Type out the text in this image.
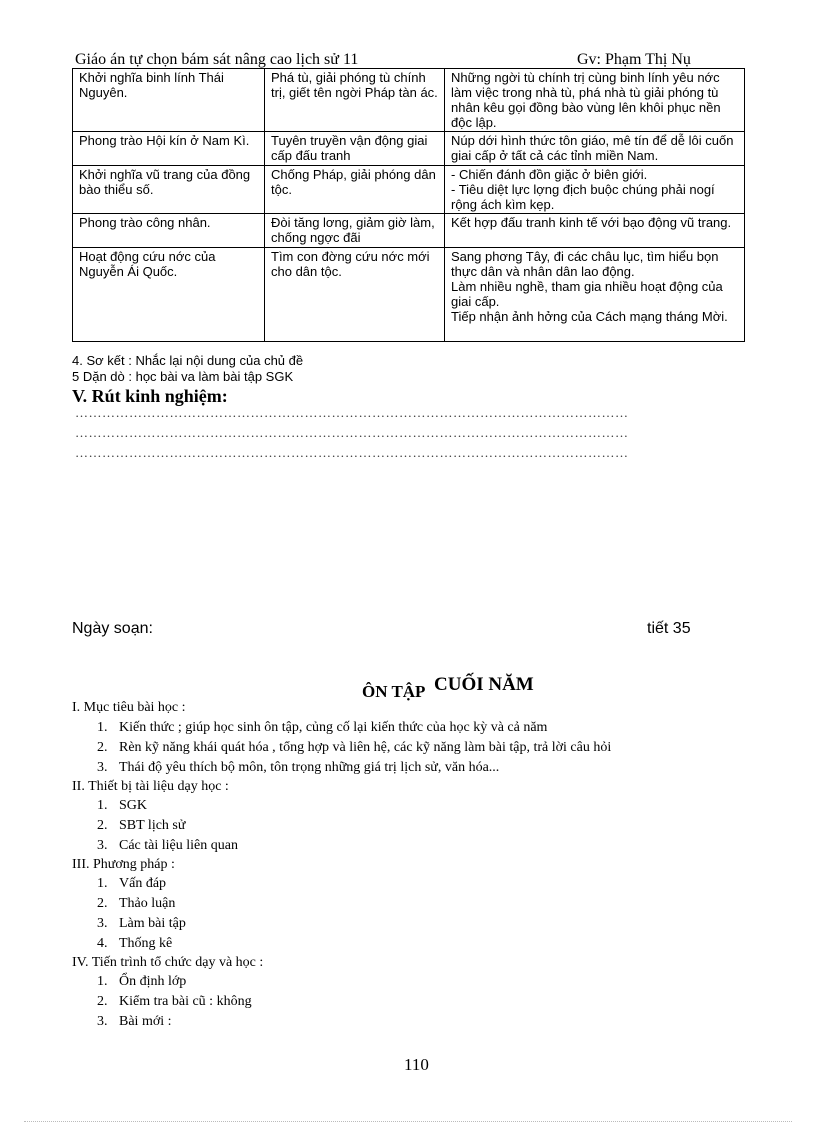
Giáo án tự chọn bám sát nâng cao lịch sử 11	Gv: Phạm Thị Nụ
Khởi nghĩa binh lính Thái Nguyên.	Phá tù, giải phóng tù chính trị, giết tên ngời Pháp tàn ác.	Những ngời tù chính trị cùng binh lính yêu nớc làm việc trong nhà tù, phá nhà tù giải phóng tù nhân kêu gọi đồng bào vùng lên khôi phục nền độc lập.

Phong trào Hội kín ở Nam Kì.	Tuyên truyền vận động giai cấp đấu tranh	Núp dới hình thức tôn giáo, mê tín để dễ lôi cuốn giai cấp ở tất cả các tỉnh miền Nam.

Khởi nghĩa vũ trang của đồng bào thiểu số.	Chống Pháp, giải phóng dân tộc.	- Chiến đánh đồn giặc ở biên giới.
- Tiêu diệt lực lợng địch buộc chúng phải nogí rộng ách kìm kẹp.

Phong trào công nhân.	Đòi tăng lơng, giảm giờ làm, chống ngợc đãi	Kết hợp đấu tranh kinh tế với bạo động vũ trang.

Hoạt động cứu nớc của Nguyễn Ái Quốc.	Tìm con đờng cứu nớc mới cho dân tộc.	Sang phơng Tây, đi các châu lục, tìm hiểu bọn thực dân và nhân dân lao động.
Làm nhiều nghề, tham gia nhiều hoạt động của giai cấp.
Tiếp nhận ảnh hởng của Cách mạng tháng Mời.
4. Sơ kết : Nhắc lại nội dung của chủ đề
5 Dặn dò : học bài va làm bài tập SGK
V. Rút kinh nghiệm:
……………………………………………………………………………………………………………
……………………………………………………………………………………………………………
……………………………………………………………………………………………………………
Ngày soạn:	tiết 35
ÔN TẬP CUỐI NĂM
I. Mục tiêu bài học :
1. Kiến thức ; giúp học sinh ôn tập, củng cố lại kiến thức của học kỳ và cả năm
2. Rèn kỹ năng khái quát hóa , tổng hợp và liên hệ, các kỹ năng làm bài tập, trả lời câu hỏi
3. Thái độ yêu thích bộ môn, tôn trọng những giá trị lịch sử, văn hóa...
II. Thiết bị tài liệu dạy học :
1. SGK
2. SBT lịch sử
3. Các tài liệu liên quan
III. Phương pháp :
1. Vấn đáp
2. Thảo luận
3. Làm bài tập
4. Thống kê
IV. Tiến trình tổ chức dạy và học :
1. Ổn định lớp
2. Kiểm tra bài cũ : không
3. Bài mới :
110
